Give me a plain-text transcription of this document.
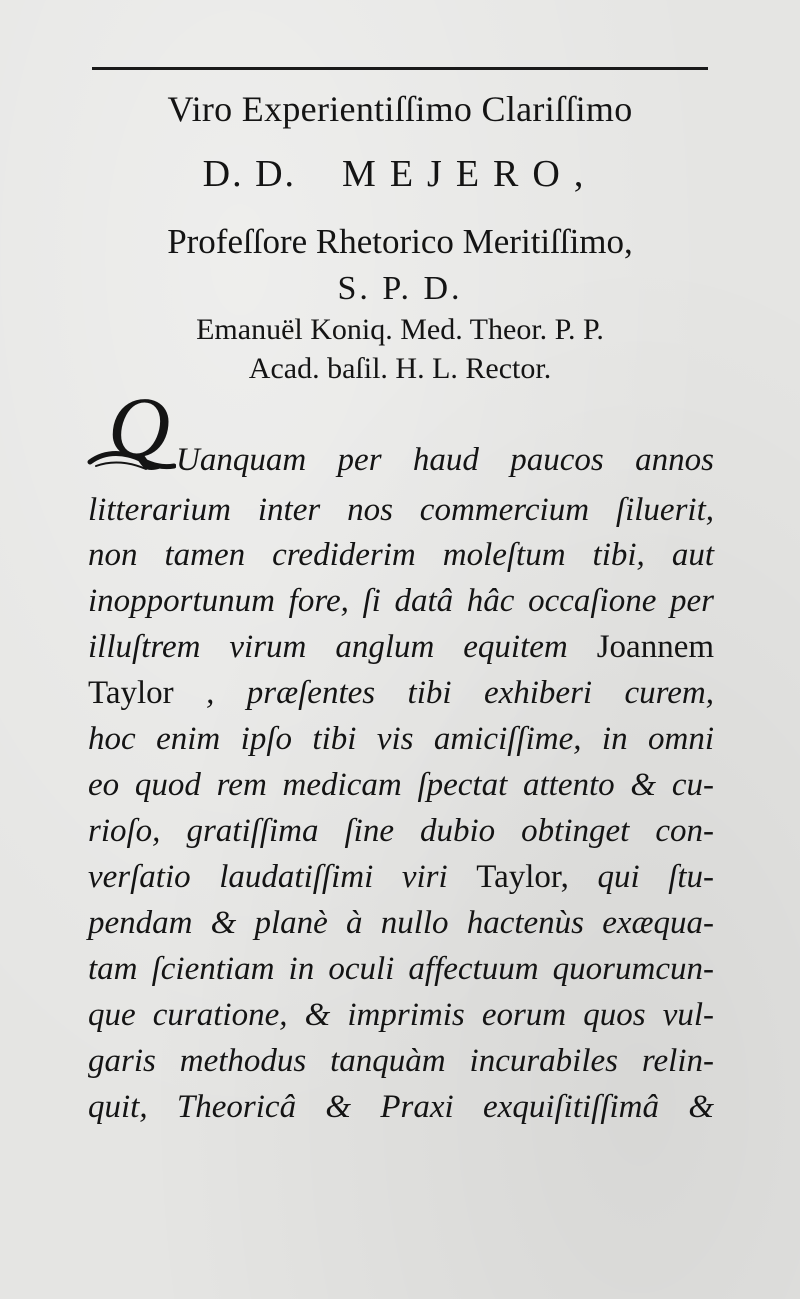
Viro Experientiſſimo Clariſſimo
D. D. MEJERO,
Profeſſore Rhetorico Meritiſſimo,
S. P. D.
Emanuël Koniq. Med. Theor. P. P.
Acad. baſil. H. L. Rector.
Q Uanquam per haud paucos annos
litterarium inter nos commercium ſiluerit,
non tamen crediderim moleſtum tibi, aut
inopportunum fore, ſi datâ hâc occaſione per
illuſtrem virum anglum equitem Joannem
Taylor , præſentes tibi exhiberi curem,
hoc enim ipſo tibi vis amiciſſime, in omni
eo quod rem medicam ſpectat attento & cu-
rioſo, gratiſſima ſine dubio obtinget con-
verſatio laudatiſſimi viri Taylor, qui ſtu-
pendam & planè à nullo hactenùs exæqua-
tam ſcientiam in oculi affectuum quorumcun-
que curatione, & imprimis eorum quos vul-
garis methodus tanquàm incurabiles relin-
quit, Theoricâ & Praxi exquiſitiſſimâ &
